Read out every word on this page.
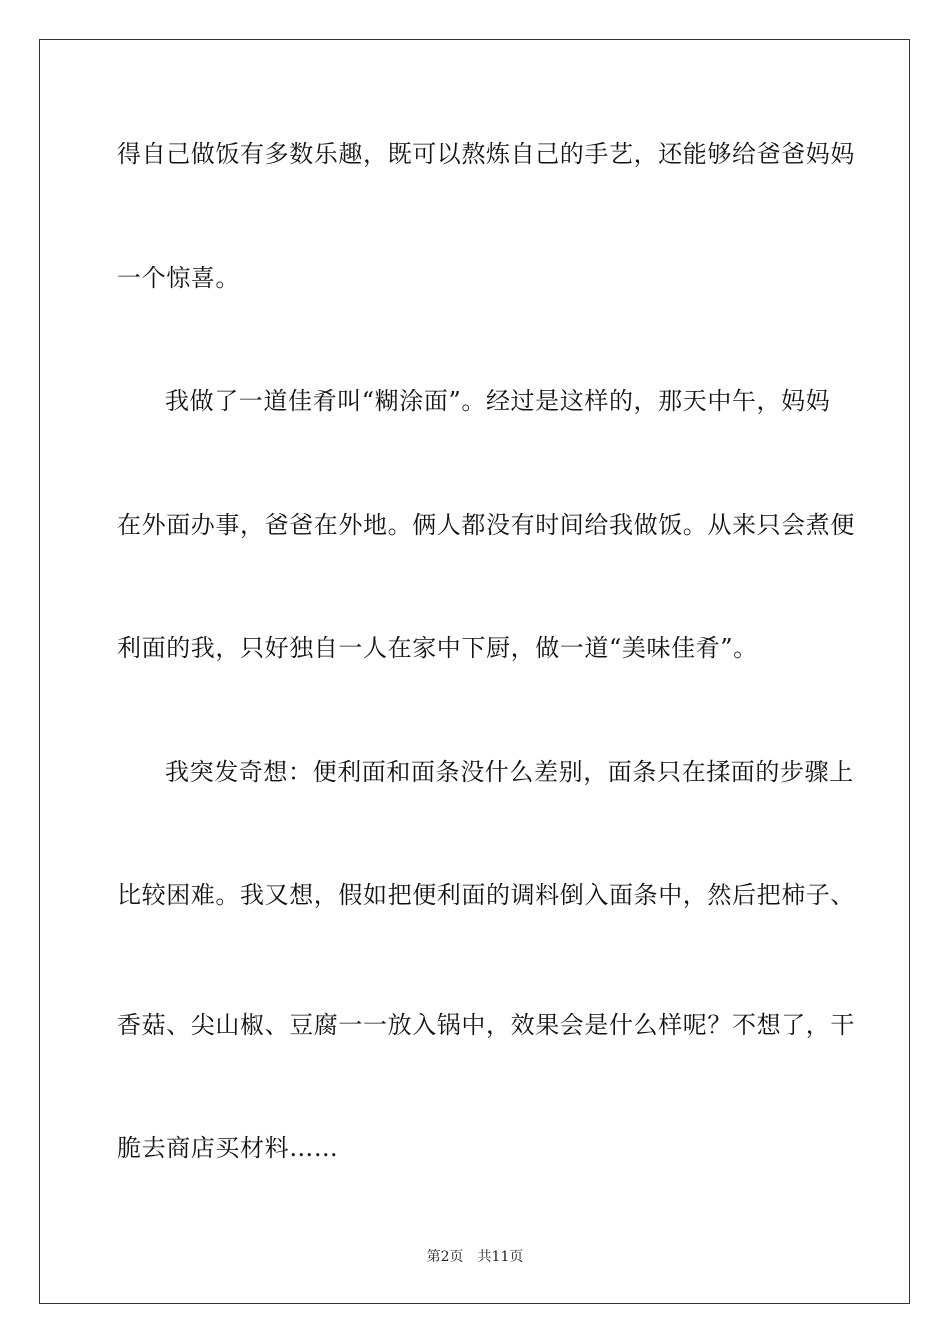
得自己做饭有多数乐趣，既可以熬炼自己的手艺，还能够给爸爸妈妈
一个惊喜。
我做了一道佳肴叫“糊涂面”。经过是这样的，那天中午，妈妈
在外面办事，爸爸在外地。俩人都没有时间给我做饭。从来只会煮便
利面的我，只好独自一人在家中下厨，做一道“美味佳肴”。
我突发奇想：便利面和面条没什么差别，面条只在揉面的步骤上
比较困难。我又想，假如把便利面的调料倒入面条中，然后把柿子、
香菇、尖山椒、豆腐一一放入锅中，效果会是什么样呢？不想了，干
脆去商店买材料……
第2页 共11页
